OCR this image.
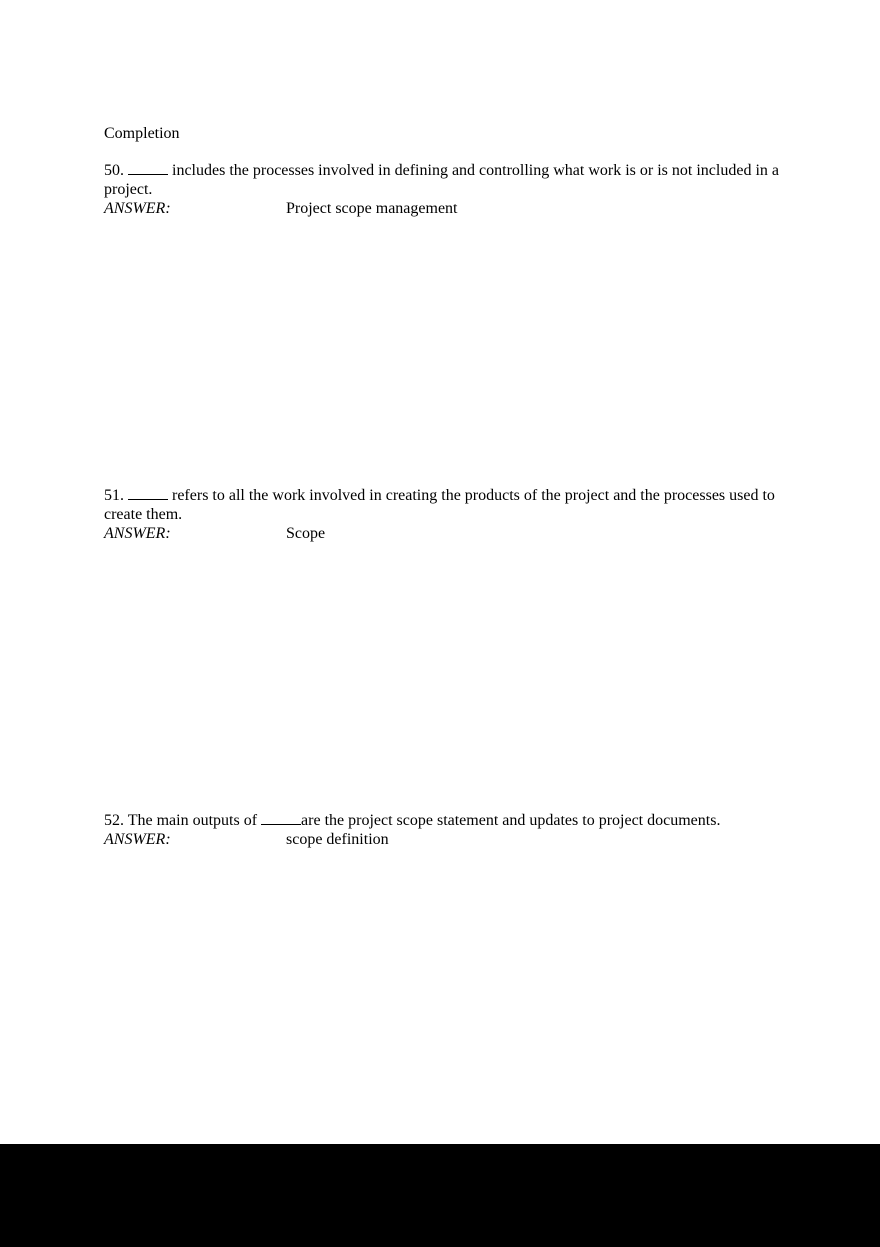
Completion

50.	includes the processes involved in defining and controlling what work is or is not included in a project.

ANSWER:	Project scope management

51.	refers to all the work involved in creating the products of the project and the processes used to create them.

ANSWER:	Scope

52. The main outputs of	are the project scope statement and updates to project documents.

ANSWER:	scope definition
